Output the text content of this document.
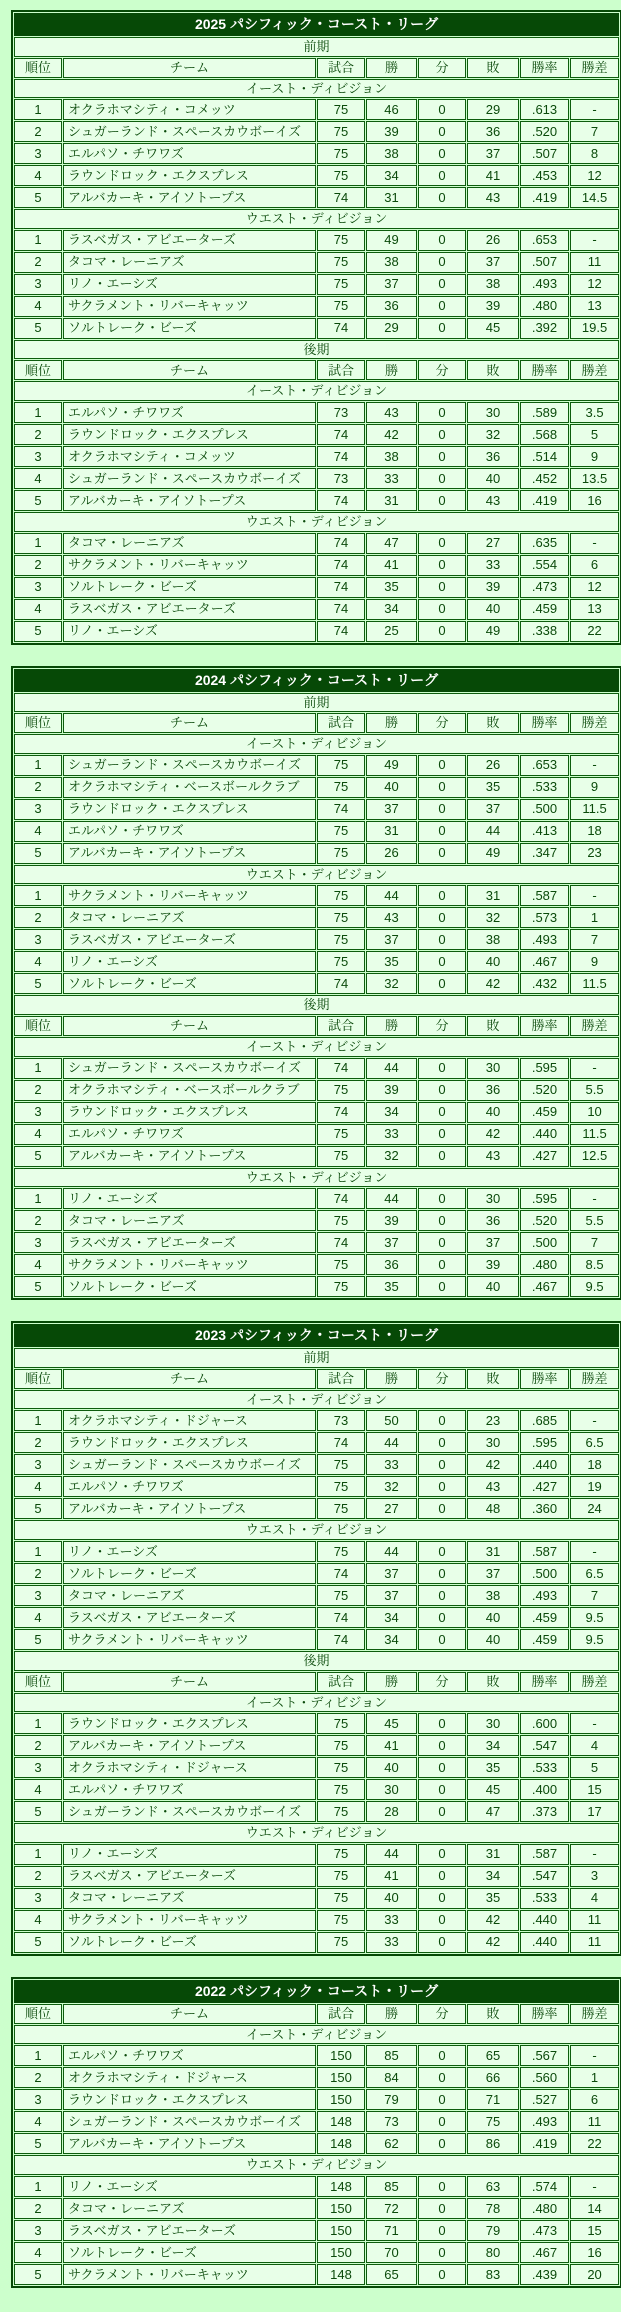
2025 パシフィック・コースト・リーグ							
前期							
順位	チーム	試合	勝	分	敗	勝率	勝差
イースト・ディビジョン							
1	オクラホマシティ・コメッツ	75	46	0	29	.613	-
2	シュガーランド・スペースカウボーイズ	75	39	0	36	.520	7
3	エルパソ・チワワズ	75	38	0	37	.507	8
4	ラウンドロック・エクスプレス	75	34	0	41	.453	12
5	アルバカーキ・アイソトープス	74	31	0	43	.419	14.5
ウエスト・ディビジョン							
1	ラスベガス・アビエーターズ	75	49	0	26	.653	-
2	タコマ・レーニアズ	75	38	0	37	.507	11
3	リノ・エーシズ	75	37	0	38	.493	12
4	サクラメント・リバーキャッツ	75	36	0	39	.480	13
5	ソルトレーク・ビーズ	74	29	0	45	.392	19.5
後期							
順位	チーム	試合	勝	分	敗	勝率	勝差
イースト・ディビジョン							
1	エルパソ・チワワズ	73	43	0	30	.589	3.5
2	ラウンドロック・エクスプレス	74	42	0	32	.568	5
3	オクラホマシティ・コメッツ	74	38	0	36	.514	9
4	シュガーランド・スペースカウボーイズ	73	33	0	40	.452	13.5
5	アルバカーキ・アイソトープス	74	31	0	43	.419	16
ウエスト・ディビジョン							
1	タコマ・レーニアズ	74	47	0	27	.635	-
2	サクラメント・リバーキャッツ	74	41	0	33	.554	6
3	ソルトレーク・ビーズ	74	35	0	39	.473	12
4	ラスベガス・アビエーターズ	74	34	0	40	.459	13
5	リノ・エーシズ	74	25	0	49	.338	22
2024 パシフィック・コースト・リーグ							
前期							
順位	チーム	試合	勝	分	敗	勝率	勝差
イースト・ディビジョン							
1	シュガーランド・スペースカウボーイズ	75	49	0	26	.653	-
2	オクラホマシティ・ベースボールクラブ	75	40	0	35	.533	9
3	ラウンドロック・エクスプレス	74	37	0	37	.500	11.5
4	エルパソ・チワワズ	75	31	0	44	.413	18
5	アルバカーキ・アイソトープス	75	26	0	49	.347	23
ウエスト・ディビジョン							
1	サクラメント・リバーキャッツ	75	44	0	31	.587	-
2	タコマ・レーニアズ	75	43	0	32	.573	1
3	ラスベガス・アビエーターズ	75	37	0	38	.493	7
4	リノ・エーシズ	75	35	0	40	.467	9
5	ソルトレーク・ビーズ	74	32	0	42	.432	11.5
後期							
順位	チーム	試合	勝	分	敗	勝率	勝差
イースト・ディビジョン							
1	シュガーランド・スペースカウボーイズ	74	44	0	30	.595	-
2	オクラホマシティ・ベースボールクラブ	75	39	0	36	.520	5.5
3	ラウンドロック・エクスプレス	74	34	0	40	.459	10
4	エルパソ・チワワズ	75	33	0	42	.440	11.5
5	アルバカーキ・アイソトープス	75	32	0	43	.427	12.5
ウエスト・ディビジョン							
1	リノ・エーシズ	74	44	0	30	.595	-
2	タコマ・レーニアズ	75	39	0	36	.520	5.5
3	ラスベガス・アビエーターズ	74	37	0	37	.500	7
4	サクラメント・リバーキャッツ	75	36	0	39	.480	8.5
5	ソルトレーク・ビーズ	75	35	0	40	.467	9.5
2023 パシフィック・コースト・リーグ							
前期							
順位	チーム	試合	勝	分	敗	勝率	勝差
イースト・ディビジョン							
1	オクラホマシティ・ドジャース	73	50	0	23	.685	-
2	ラウンドロック・エクスプレス	74	44	0	30	.595	6.5
3	シュガーランド・スペースカウボーイズ	75	33	0	42	.440	18
4	エルパソ・チワワズ	75	32	0	43	.427	19
5	アルバカーキ・アイソトープス	75	27	0	48	.360	24
ウエスト・ディビジョン							
1	リノ・エーシズ	75	44	0	31	.587	-
2	ソルトレーク・ビーズ	74	37	0	37	.500	6.5
3	タコマ・レーニアズ	75	37	0	38	.493	7
4	ラスベガス・アビエーターズ	74	34	0	40	.459	9.5
5	サクラメント・リバーキャッツ	74	34	0	40	.459	9.5
後期							
順位	チーム	試合	勝	分	敗	勝率	勝差
イースト・ディビジョン							
1	ラウンドロック・エクスプレス	75	45	0	30	.600	-
2	アルバカーキ・アイソトープス	75	41	0	34	.547	4
3	オクラホマシティ・ドジャース	75	40	0	35	.533	5
4	エルパソ・チワワズ	75	30	0	45	.400	15
5	シュガーランド・スペースカウボーイズ	75	28	0	47	.373	17
ウエスト・ディビジョン							
1	リノ・エーシズ	75	44	0	31	.587	-
2	ラスベガス・アビエーターズ	75	41	0	34	.547	3
3	タコマ・レーニアズ	75	40	0	35	.533	4
4	サクラメント・リバーキャッツ	75	33	0	42	.440	11
5	ソルトレーク・ビーズ	75	33	0	42	.440	11
2022 パシフィック・コースト・リーグ							
順位	チーム	試合	勝	分	敗	勝率	勝差
イースト・ディビジョン							
1	エルパソ・チワワズ	150	85	0	65	.567	-
2	オクラホマシティ・ドジャース	150	84	0	66	.560	1
3	ラウンドロック・エクスプレス	150	79	0	71	.527	6
4	シュガーランド・スペースカウボーイズ	148	73	0	75	.493	11
5	アルバカーキ・アイソトープス	148	62	0	86	.419	22
ウエスト・ディビジョン							
1	リノ・エーシズ	148	85	0	63	.574	-
2	タコマ・レーニアズ	150	72	0	78	.480	14
3	ラスベガス・アビエーターズ	150	71	0	79	.473	15
4	ソルトレーク・ビーズ	150	70	0	80	.467	16
5	サクラメント・リバーキャッツ	148	65	0	83	.439	20
